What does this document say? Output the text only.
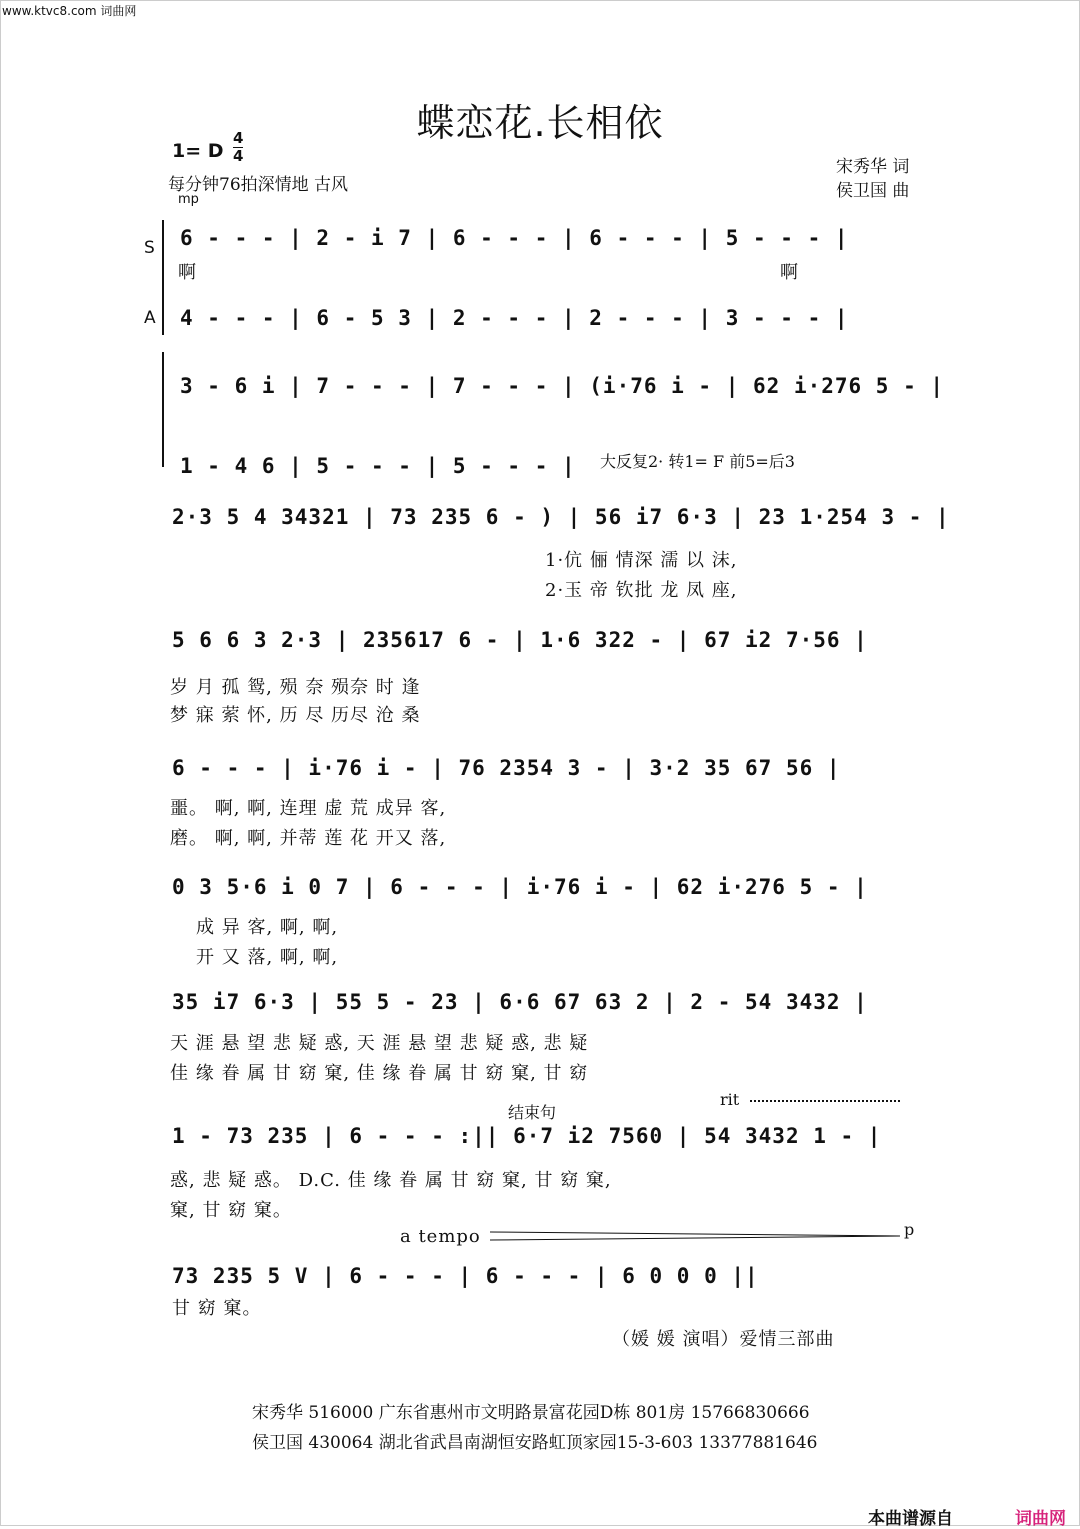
www.ktvc8.com 词曲网
蝶恋花.长相依
1= D
4
4
每分钟76拍深情地 古风
宋秀华 词
侯卫国 曲
mp
S
A
6 - - - | 2 - i 7 | 6 - - - | 6 - - - | 5 - - - |
啊	啊
4 - - - | 6 - 5 3 | 2 - - - | 2 - - - | 3 - - - |
3 - 6 i | 7 - - - | 7 - - - | (i·76 i - | 62 i·276 5 - |
1 - 4 6 | 5 - - - | 5 - - - | 大反复2· 转1= F 前5=后3
2·3 5 4 34321 | 73 235 6 - ) | 56 i7 6·3 | 23 1·254 3 - |
1·伉 俪 情深 濡 以 沫,
2·玉 帝 钦批 龙 凤 座,
5 6 6 3 2·3 | 235617 6 - | 1·6 322 - | 67 i2 7·56 |
岁 月 孤 鸳, 殒 奈 殒奈 时 逢
梦 寐 萦 怀, 历 尽 历尽 沧 桑
6 - - - | i·76 i - | 76 2354 3 - | 3·2 35 67 56 |
噩。 啊, 啊, 连理 虚 荒 成异 客,
磨。 啊, 啊, 并蒂 莲 花 开又 落,
0 3 5·6 i 0 7 | 6 - - - | i·76 i - | 62 i·276 5 - |
成 异 客, 啊, 啊,
开 又 落, 啊, 啊,
35 i7 6·3 | 55 5 - 23 | 6·6 67 63 2 | 2 - 54 3432 |
天 涯 悬 望 悲 疑 惑, 天 涯 悬 望 悲 疑 惑, 悲 疑
佳 缘 眷 属 甘 窈 窠, 佳 缘 眷 属 甘 窈 窠, 甘 窈
结束句
rit
1 - 73 235 | 6 - - - :|| 6·7 i2 7560 | 54 3432 1 - |
惑, 悲 疑 惑。 D.C. 佳 缘 眷 属 甘 窈 窠, 甘 窈 窠,
窠, 甘 窈 窠。
a tempo	p
73 235 5 V | 6 - - - | 6 - - - | 6 0 0 0 ||
甘 窈 窠。
（媛 媛 演唱）爱情三部曲
宋秀华 516000 广东省惠州市文明路景富花园D栋 801房 15766830666
侯卫国 430064 湖北省武昌南湖恒安路虹顶家园15-3-603 13377881646
本曲谱源自	词曲网
